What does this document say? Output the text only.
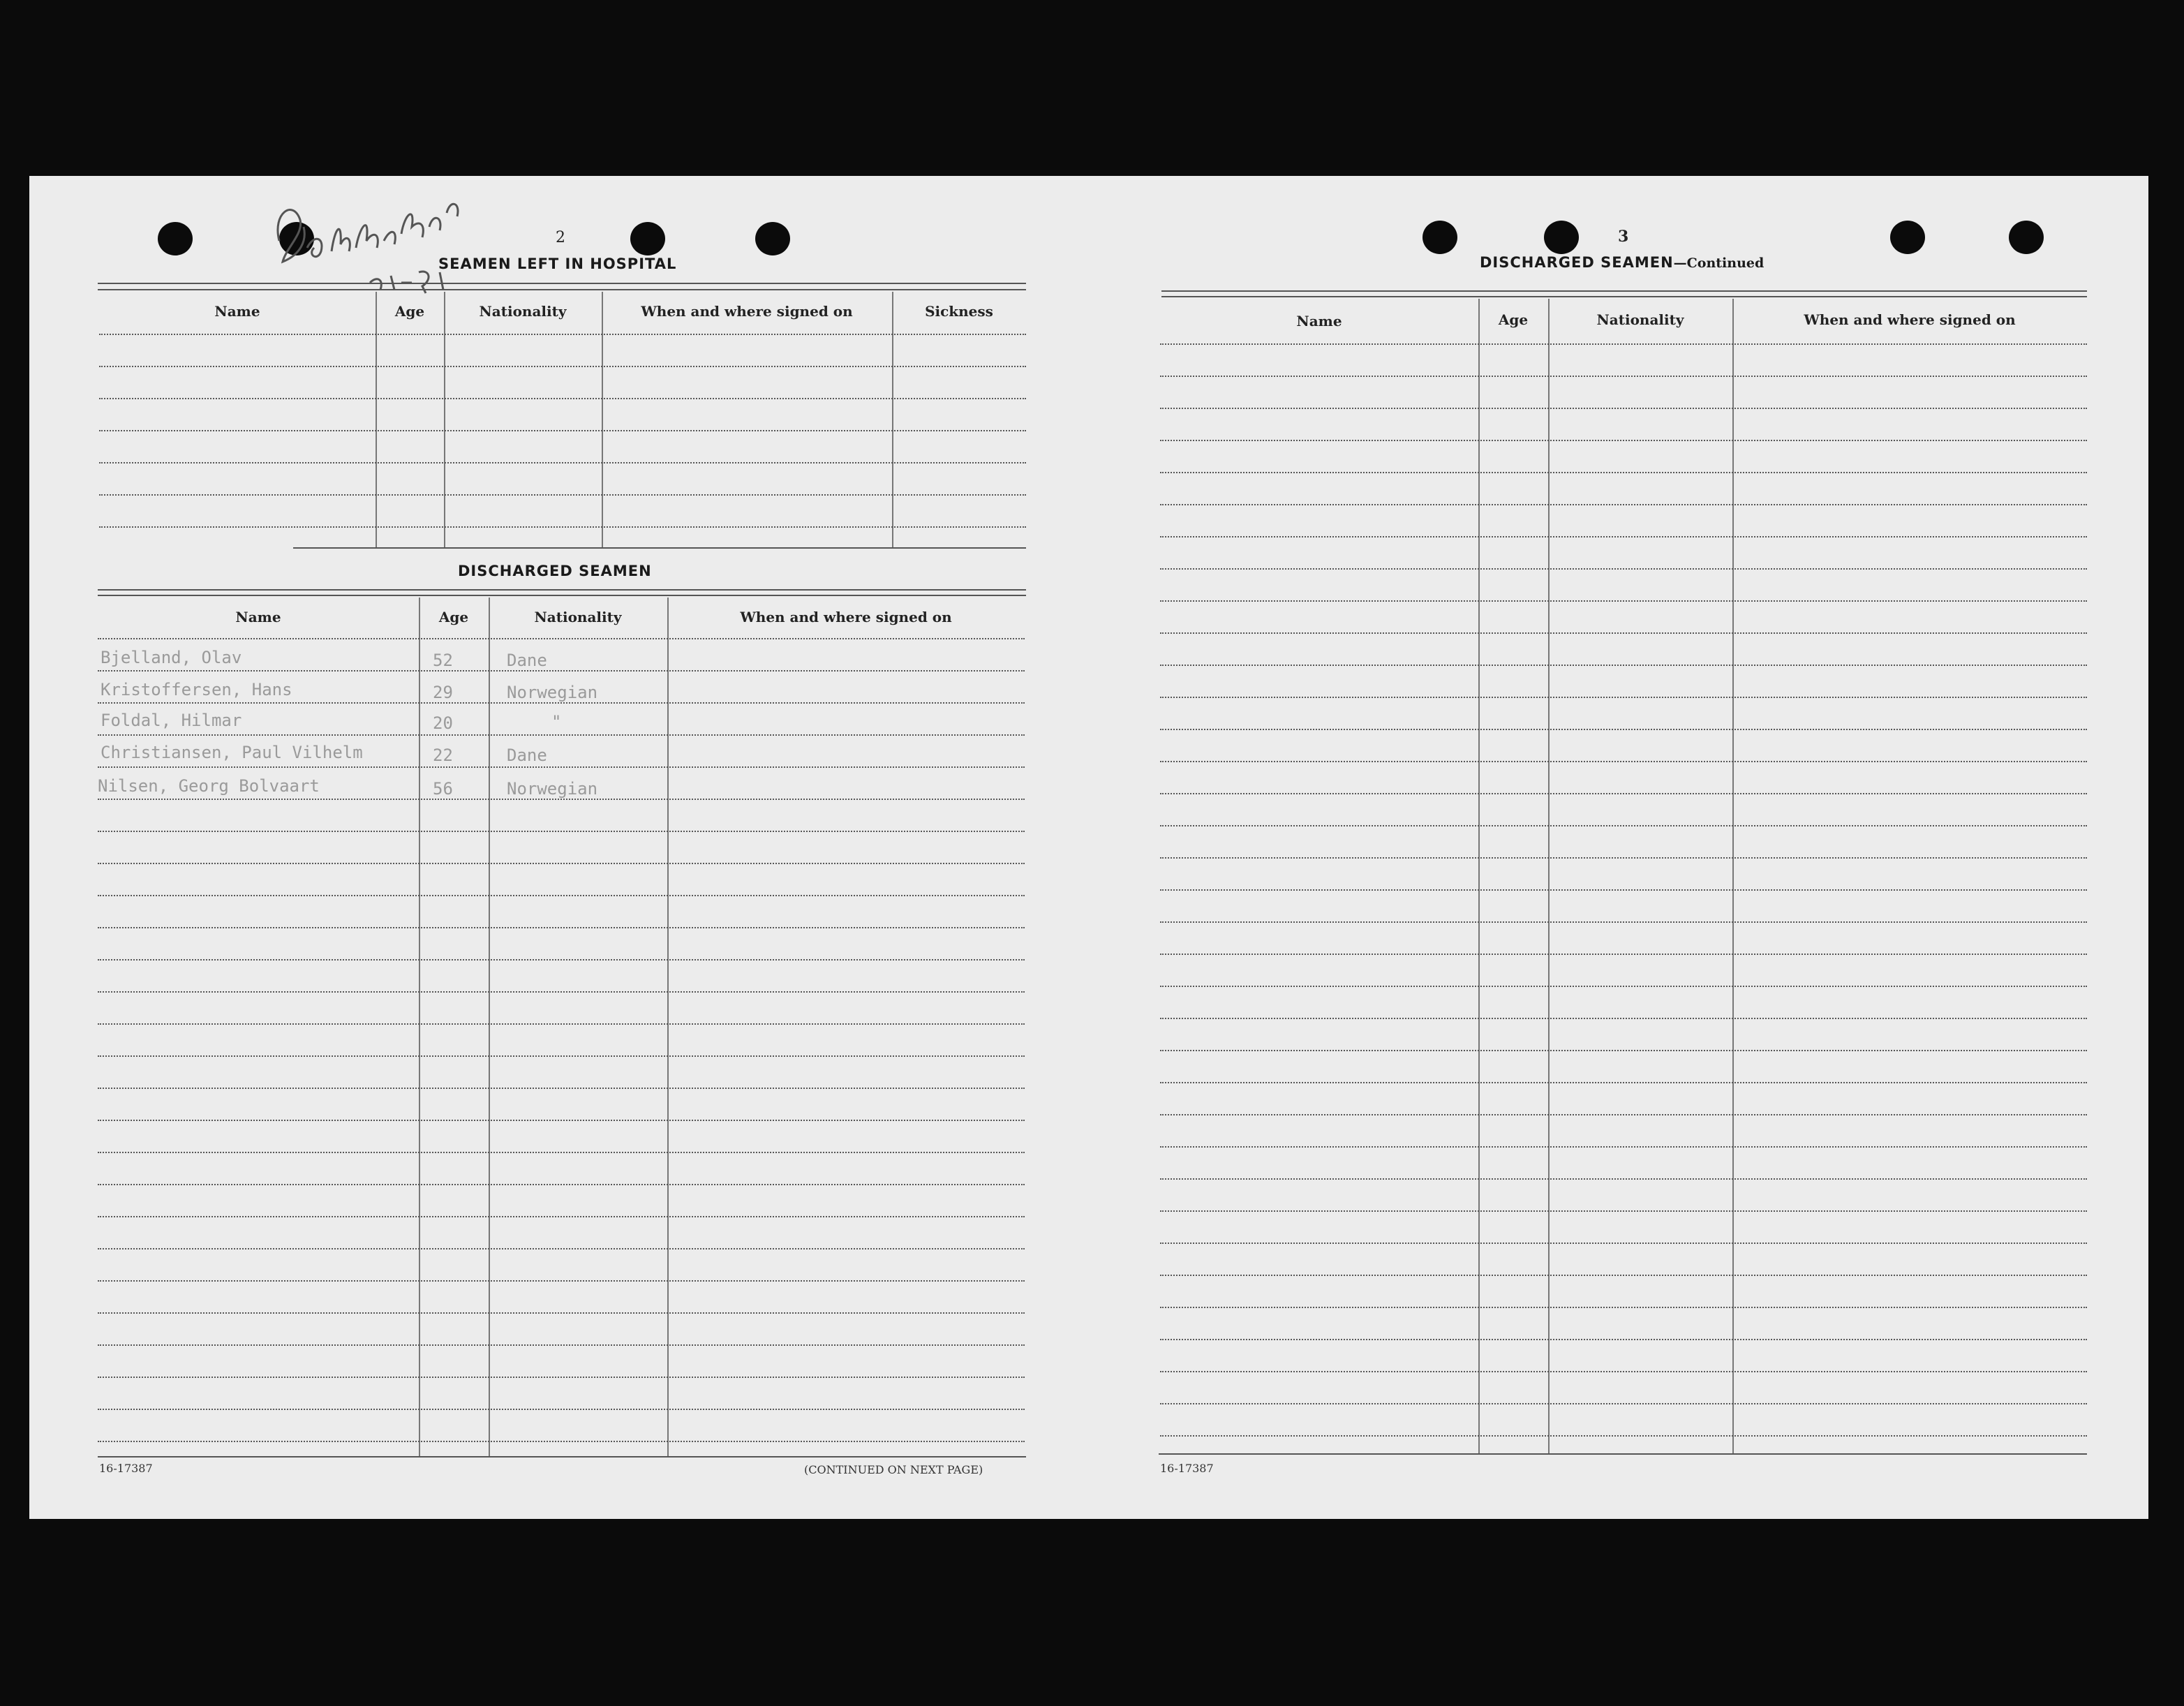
2
SEAMEN LEFT IN HOSPITAL
Name	Age	Nationality	When and where signed on	Sickness
DISCHARGED SEAMEN
Name	Age	Nationality	When and where signed on
Bjelland, Olav	52	Dane
Kristoffersen, Hans	29	Norwegian
Foldal, Hilmar	20	"
Christiansen, Paul Vilhelm	22	Dane
Nilsen, Georg Bolvaart	56	Norwegian
16-17387	(CONTINUED ON NEXT PAGE)
3
DISCHARGED SEAMEN—Continued
Name	Age	Nationality	When and where signed on
16-17387
